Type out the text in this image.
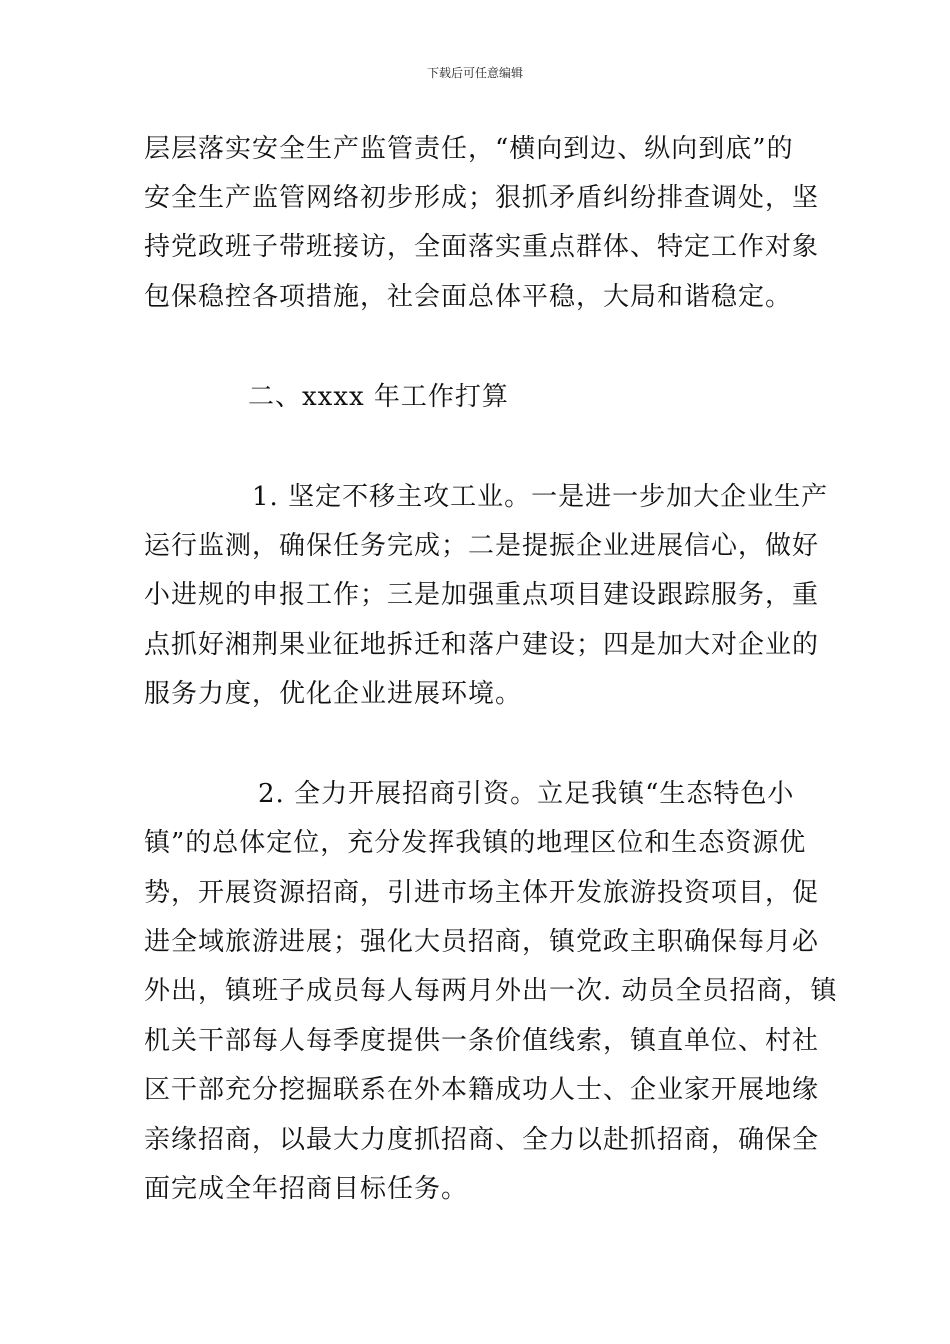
下载后可任意编辑
层层落实安全生产监管责任，“横向到边、纵向到底”的
安全生产监管网络初步形成；狠抓矛盾纠纷排查调处，坚
持党政班子带班接访，全面落实重点群体、特定工作对象
包保稳控各项措施，社会面总体平稳，大局和谐稳定。
二、xxxx 年工作打算
1. 坚定不移主攻工业。一是进一步加大企业生产
运行监测，确保任务完成；二是提振企业进展信心，做好
小进规的申报工作；三是加强重点项目建设跟踪服务，重
点抓好湘荆果业征地拆迁和落户建设；四是加大对企业的
服务力度，优化企业进展环境。
2. 全力开展招商引资。立足我镇“生态特色小
镇”的总体定位，充分发挥我镇的地理区位和生态资源优
势，开展资源招商，引进市场主体开发旅游投资项目，促
进全域旅游进展；强化大员招商，镇党政主职确保每月必
外出，镇班子成员每人每两月外出一次. 动员全员招商，镇
机关干部每人每季度提供一条价值线索，镇直单位、村社
区干部充分挖掘联系在外本籍成功人士、企业家开展地缘
亲缘招商，以最大力度抓招商、全力以赴抓招商，确保全
面完成全年招商目标任务。
